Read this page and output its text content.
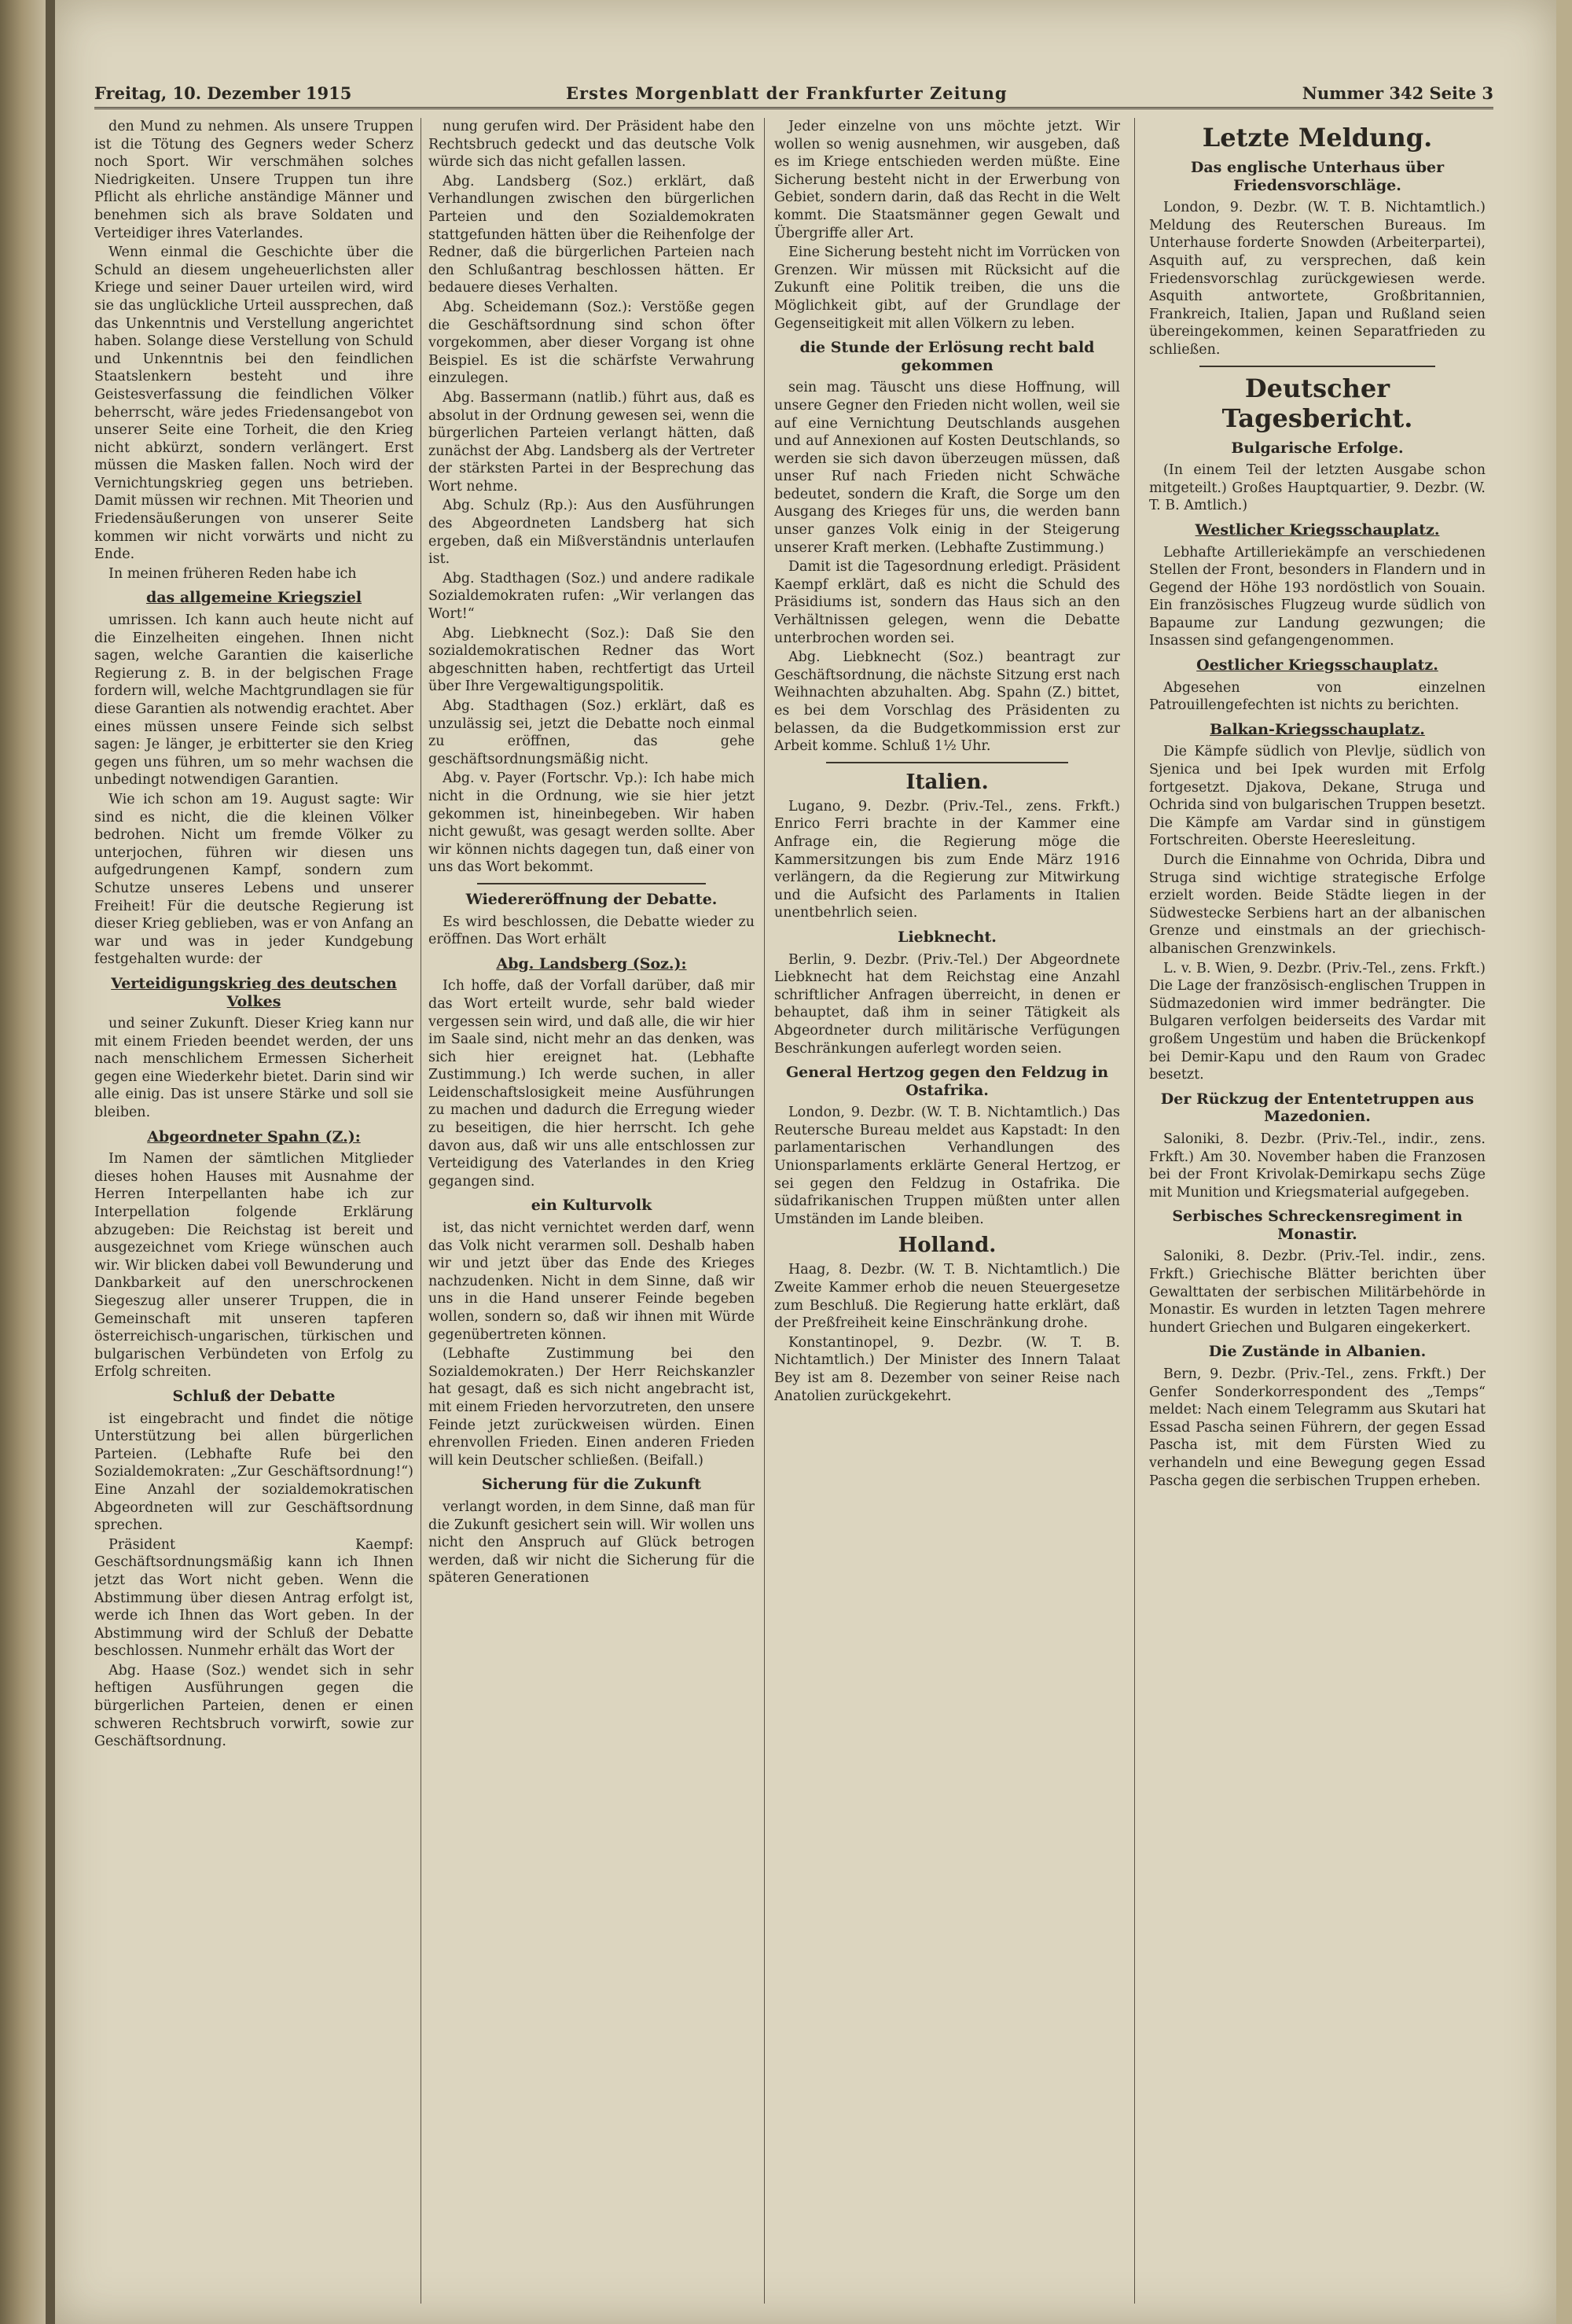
Freitag, 10. Dezember 1915	Erstes Morgenblatt der Frankfurter Zeitung	Nummer 342 Seite 3

den Mund zu nehmen. Als unsere Truppen ist die Tötung des Gegners weder Scherz noch Sport. Wir verschmähen solches Niedrigkeiten. Unsere Truppen tun ihre Pflicht als ehrliche anständige Männer und benehmen sich als brave Soldaten und Verteidiger ihres Vaterlandes.

Wenn einmal die Geschichte über die Schuld an diesem ungeheuerlichsten aller Kriege und seiner Dauer urteilen wird, wird sie das unglückliche Urteil aussprechen, daß das Unkenntnis und Verstellung angerichtet haben. Solange diese Verstellung von Schuld und Unkenntnis bei den feindlichen Staatslenkern besteht und ihre Geistesverfassung die feindlichen Völker beherrscht, wäre jedes Friedensangebot von unserer Seite eine Torheit, die den Krieg nicht abkürzt, sondern verlängert. Erst müssen die Masken fallen. Noch wird der Vernichtungskrieg gegen uns betrieben. Damit müssen wir rechnen. Mit Theorien und Friedensäußerungen von unserer Seite kommen wir nicht vorwärts und nicht zu Ende.

In meinen früheren Reden habe ich

das allgemeine Kriegsziel

umrissen. Ich kann auch heute nicht auf die Einzelheiten eingehen. Ihnen nicht sagen, welche Garantien die kaiserliche Regierung z. B. in der belgischen Frage fordern will, welche Machtgrundlagen sie für diese Garantien als notwendig erachtet. Aber eines müssen unsere Feinde sich selbst sagen: Je länger, je erbitterter sie den Krieg gegen uns führen, um so mehr wachsen die unbedingt notwendigen Garantien.

Wie ich schon am 19. August sagte: Wir sind es nicht, die die kleinen Völker bedrohen. Nicht um fremde Völker zu unterjochen, führen wir diesen uns aufgedrungenen Kampf, sondern zum Schutze unseres Lebens und unserer Freiheit! Für die deutsche Regierung ist dieser Krieg geblieben, was er von Anfang an war und was in jeder Kundgebung festgehalten wurde: der

Verteidigungskrieg des deutschen Volkes

und seiner Zukunft. Dieser Krieg kann nur mit einem Frieden beendet werden, der uns nach menschlichem Ermessen Sicherheit gegen eine Wiederkehr bietet. Darin sind wir alle einig. Das ist unsere Stärke und soll sie bleiben.

Abgeordneter Spahn (Z.):

Im Namen der sämtlichen Mitglieder dieses hohen Hauses mit Ausnahme der Herren Interpellanten habe ich zur Interpellation folgende Erklärung abzugeben: Die Reichstag ist bereit und ausgezeichnet vom Kriege wünschen auch wir. Wir blicken dabei voll Bewunderung und Dankbarkeit auf den unerschrockenen Siegeszug aller unserer Truppen, die in Gemeinschaft mit unseren tapferen österreichisch-ungarischen, türkischen und bulgarischen Verbündeten von Erfolg zu Erfolg schreiten.

Schluß der Debatte

ist eingebracht und findet die nötige Unterstützung bei allen bürgerlichen Parteien. (Lebhafte Rufe bei den Sozialdemokraten: „Zur Geschäftsordnung!“) Eine Anzahl der sozialdemokratischen Abgeordneten will zur Geschäftsordnung sprechen.

Präsident Kaempf: Geschäftsordnungsmäßig kann ich Ihnen jetzt das Wort nicht geben. Wenn die Abstimmung über diesen Antrag erfolgt ist, werde ich Ihnen das Wort geben. In der Abstimmung wird der Schluß der Debatte beschlossen. Nunmehr erhält das Wort der

Abg. Haase (Soz.) wendet sich in sehr heftigen Ausführungen gegen die bürgerlichen Parteien, denen er einen schweren Rechtsbruch vorwirft, sowie zur Geschäftsordnung.

nung gerufen wird. Der Präsident habe den Rechtsbruch gedeckt und das deutsche Volk würde sich das nicht gefallen lassen.

Abg. Landsberg (Soz.) erklärt, daß Verhandlungen zwischen den bürgerlichen Parteien und den Sozialdemokraten stattgefunden hätten über die Reihenfolge der Redner, daß die bürgerlichen Parteien nach den Schlußantrag beschlossen hätten. Er bedauere dieses Verhalten.

Abg. Scheidemann (Soz.): Verstöße gegen die Geschäftsordnung sind schon öfter vorgekommen, aber dieser Vorgang ist ohne Beispiel. Es ist die schärfste Verwahrung einzulegen.

Abg. Bassermann (natlib.) führt aus, daß es absolut in der Ordnung gewesen sei, wenn die bürgerlichen Parteien verlangt hätten, daß zunächst der Abg. Landsberg als der Vertreter der stärksten Partei in der Besprechung das Wort nehme.

Abg. Schulz (Rp.): Aus den Ausführungen des Abgeordneten Landsberg hat sich ergeben, daß ein Mißverständnis unterlaufen ist.

Abg. Stadthagen (Soz.) und andere radikale Sozialdemokraten rufen: „Wir verlangen das Wort!“

Abg. Liebknecht (Soz.): Daß Sie den sozialdemokratischen Redner das Wort abgeschnitten haben, rechtfertigt das Urteil über Ihre Vergewaltigungspolitik.

Abg. Stadthagen (Soz.) erklärt, daß es unzulässig sei, jetzt die Debatte noch einmal zu eröffnen, das gehe geschäftsordnungsmäßig nicht.

Abg. v. Payer (Fortschr. Vp.): Ich habe mich nicht in die Ordnung, wie sie hier jetzt gekommen ist, hineinbegeben. Wir haben nicht gewußt, was gesagt werden sollte. Aber wir können nichts dagegen tun, daß einer von uns das Wort bekommt.

Wiedereröffnung der Debatte.

Es wird beschlossen, die Debatte wieder zu eröffnen. Das Wort erhält

Abg. Landsberg (Soz.):

Ich hoffe, daß der Vorfall darüber, daß mir das Wort erteilt wurde, sehr bald wieder vergessen sein wird, und daß alle, die wir hier im Saale sind, nicht mehr an das denken, was sich hier ereignet hat. (Lebhafte Zustimmung.) Ich werde suchen, in aller Leidenschaftslosigkeit meine Ausführungen zu machen und dadurch die Erregung wieder zu beseitigen, die hier herrscht. Ich gehe davon aus, daß wir uns alle entschlossen zur Verteidigung des Vaterlandes in den Krieg gegangen sind.

ein Kulturvolk

ist, das nicht vernichtet werden darf, wenn das Volk nicht verarmen soll. Deshalb haben wir und jetzt über das Ende des Krieges nachzudenken. Nicht in dem Sinne, daß wir uns in die Hand unserer Feinde begeben wollen, sondern so, daß wir ihnen mit Würde gegenübertreten können.

(Lebhafte Zustimmung bei den Sozialdemokraten.) Der Herr Reichskanzler hat gesagt, daß es sich nicht angebracht ist, mit einem Frieden hervorzutreten, den unsere Feinde jetzt zurückweisen würden. Einen ehrenvollen Frieden. Einen anderen Frieden will kein Deutscher schließen. (Beifall.)

Sicherung für die Zukunft

verlangt worden, in dem Sinne, daß man für die Zukunft gesichert sein will. Wir wollen uns nicht den Anspruch auf Glück betrogen werden, daß wir nicht die Sicherung für die späteren Generationen

Jeder einzelne von uns möchte jetzt. Wir wollen so wenig ausnehmen, wir ausgeben, daß es im Kriege entschieden werden müßte. Eine Sicherung besteht nicht in der Erwerbung von Gebiet, sondern darin, daß das Recht in die Welt kommt. Die Staatsmänner gegen Gewalt und Übergriffe aller Art.

Eine Sicherung besteht nicht im Vorrücken von Grenzen. Wir müssen mit Rücksicht auf die Zukunft eine Politik treiben, die uns die Möglichkeit gibt, auf der Grundlage der Gegenseitigkeit mit allen Völkern zu leben.

die Stunde der Erlösung recht bald gekommen

sein mag. Täuscht uns diese Hoffnung, will unsere Gegner den Frieden nicht wollen, weil sie auf eine Vernichtung Deutschlands ausgehen und auf Annexionen auf Kosten Deutschlands, so werden sie sich davon überzeugen müssen, daß unser Ruf nach Frieden nicht Schwäche bedeutet, sondern die Kraft, die Sorge um den Ausgang des Krieges für uns, die werden bann unser ganzes Volk einig in der Steigerung unserer Kraft merken. (Lebhafte Zustimmung.)

Damit ist die Tagesordnung erledigt. Präsident Kaempf erklärt, daß es nicht die Schuld des Präsidiums ist, sondern das Haus sich an den Verhältnissen gelegen, wenn die Debatte unterbrochen worden sei.

Abg. Liebknecht (Soz.) beantragt zur Geschäftsordnung, die nächste Sitzung erst nach Weihnachten abzuhalten. Abg. Spahn (Z.) bittet, es bei dem Vorschlag des Präsidenten zu belassen, da die Budgetkommission erst zur Arbeit komme. Schluß 1½ Uhr.

Italien.

Lugano, 9. Dezbr. (Priv.-Tel., zens. Frkft.) Enrico Ferri brachte in der Kammer eine Anfrage ein, die Regierung möge die Kammersitzungen bis zum Ende März 1916 verlängern, da die Regierung zur Mitwirkung und die Aufsicht des Parlaments in Italien unentbehrlich seien.

Liebknecht.

Berlin, 9. Dezbr. (Priv.-Tel.) Der Abgeordnete Liebknecht hat dem Reichstag eine Anzahl schriftlicher Anfragen überreicht, in denen er behauptet, daß ihm in seiner Tätigkeit als Abgeordneter durch militärische Verfügungen Beschränkungen auferlegt worden seien.

General Hertzog gegen den Feldzug in Ostafrika.

London, 9. Dezbr. (W. T. B. Nichtamtlich.) Das Reutersche Bureau meldet aus Kapstadt: In den parlamentarischen Verhandlungen des Unionsparlaments erklärte General Hertzog, er sei gegen den Feldzug in Ostafrika. Die südafrikanischen Truppen müßten unter allen Umständen im Lande bleiben.

Holland.

Haag, 8. Dezbr. (W. T. B. Nichtamtlich.) Die Zweite Kammer erhob die neuen Steuergesetze zum Beschluß. Die Regierung hatte erklärt, daß der Preßfreiheit keine Einschränkung drohe.

Konstantinopel, 9. Dezbr. (W. T. B. Nichtamtlich.) Der Minister des Innern Talaat Bey ist am 8. Dezember von seiner Reise nach Anatolien zurückgekehrt.

Letzte Meldung.
Das englische Unterhaus über Friedensvorschläge.

London, 9. Dezbr. (W. T. B. Nichtamtlich.) Meldung des Reuterschen Bureaus. Im Unterhause forderte Snowden (Arbeiterpartei), Asquith auf, zu versprechen, daß kein Friedensvorschlag zurückgewiesen werde. Asquith antwortete, Großbritannien, Frankreich, Italien, Japan und Rußland seien übereingekommen, keinen Separatfrieden zu schließen.

Deutscher Tagesbericht.
Bulgarische Erfolge.

(In einem Teil der letzten Ausgabe schon mitgeteilt.) Großes Hauptquartier, 9. Dezbr. (W. T. B. Amtlich.)

Westlicher Kriegsschauplatz.

Lebhafte Artilleriekämpfe an verschiedenen Stellen der Front, besonders in Flandern und in Gegend der Höhe 193 nordöstlich von Souain. Ein französisches Flugzeug wurde südlich von Bapaume zur Landung gezwungen; die Insassen sind gefangengenommen.

Oestlicher Kriegsschauplatz.

Abgesehen von einzelnen Patrouillengefechten ist nichts zu berichten.

Balkan-Kriegsschauplatz.

Die Kämpfe südlich von Plevlje, südlich von Sjenica und bei Ipek wurden mit Erfolg fortgesetzt. Djakova, Dekane, Struga und Ochrida sind von bulgarischen Truppen besetzt. Die Kämpfe am Vardar sind in günstigem Fortschreiten. Oberste Heeresleitung.

Durch die Einnahme von Ochrida, Dibra und Struga sind wichtige strategische Erfolge erzielt worden. Beide Städte liegen in der Südwestecke Serbiens hart an der albanischen Grenze und einstmals an der griechisch-albanischen Grenzwinkels.

L. v. B. Wien, 9. Dezbr. (Priv.-Tel., zens. Frkft.) Die Lage der französisch-englischen Truppen in Südmazedonien wird immer bedrängter. Die Bulgaren verfolgen beiderseits des Vardar mit großem Ungestüm und haben die Brückenkopf bei Demir-Kapu und den Raum von Gradec besetzt.

Der Rückzug der Ententetruppen aus Mazedonien.

Saloniki, 8. Dezbr. (Priv.-Tel., indir., zens. Frkft.) Am 30. November haben die Franzosen bei der Front Krivolak-Demirkapu sechs Züge mit Munition und Kriegsmaterial aufgegeben.

Serbisches Schreckensregiment in Monastir.

Saloniki, 8. Dezbr. (Priv.-Tel. indir., zens. Frkft.) Griechische Blätter berichten über Gewalttaten der serbischen Militärbehörde in Monastir. Es wurden in letzten Tagen mehrere hundert Griechen und Bulgaren eingekerkert.

Die Zustände in Albanien.

Bern, 9. Dezbr. (Priv.-Tel., zens. Frkft.) Der Genfer Sonderkorrespondent des „Temps“ meldet: Nach einem Telegramm aus Skutari hat Essad Pascha seinen Führern, der gegen Essad Pascha ist, mit dem Fürsten Wied zu verhandeln und eine Bewegung gegen Essad Pascha gegen die serbischen Truppen erheben.
